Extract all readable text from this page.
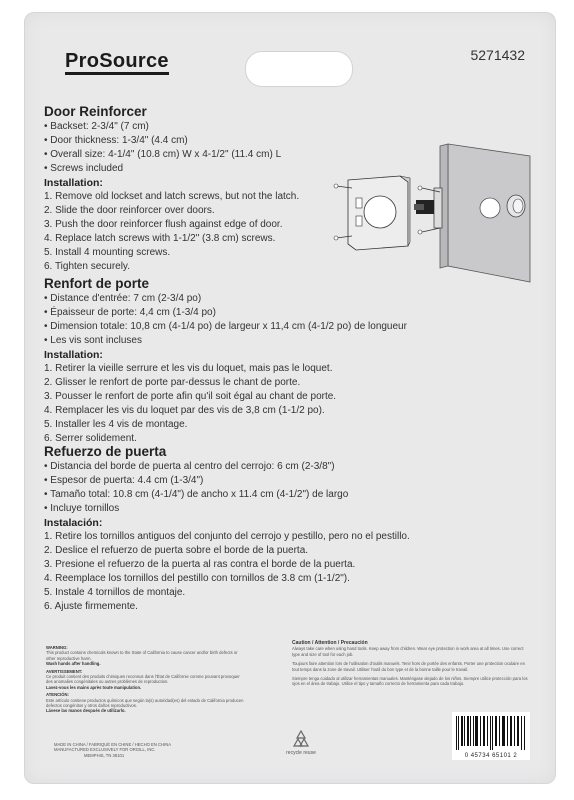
ProSource	5271432
Door Reinforcer
• Backset: 2-3/4" (7 cm)
• Door thickness: 1-3/4" (4.4 cm)
• Overall size: 4-1/4" (10.8 cm) W x 4-1/2" (11.4 cm) L
• Screws included
Installation:
1. Remove old lockset and latch screws, but not the latch.
2. Slide the door reinforcer over doors.
3. Push the door reinforcer flush against edge of door.
4. Replace latch screws with 1-1/2" (3.8 cm) screws.
5. Install 4 mounting screws.
6. Tighten securely.
Renfort de porte
• Distance d'entrée: 7 cm (2-3/4 po)
• Épaisseur de porte: 4,4 cm (1-3/4 po)
• Dimension totale: 10,8 cm (4-1/4 po) de largeur x 11,4 cm (4-1/2 po) de longueur
• Les vis sont incluses
Installation:
1. Retirer la vieille serrure et les vis du loquet, mais pas le loquet.
2. Glisser le renfort de porte par-dessus le chant de porte.
3. Pousser le renfort de porte afin qu'il soit égal au chant de porte.
4. Remplacer les vis du loquet par des vis de 3,8 cm (1-1/2 po).
5. Installer les 4 vis de montage.
6. Serrer solidement.
Refuerzo de puerta
• Distancia del borde de puerta al centro del cerrojo: 6 cm (2-3/8")
• Espesor de puerta: 4.4 cm (1-3/4")
• Tamaño total: 10.8 cm (4-1/4") de ancho x 11.4 cm (4-1/2") de largo
• Incluye tornillos
Instalación:
1. Retire los tornillos antiguos del conjunto del cerrojo y pestillo, pero no el pestillo.
2. Deslice el refuerzo de puerta sobre el borde de la puerta.
3. Presione el refuerzo de la puerta al ras contra el borde de la puerta.
4. Reemplace los tornillos del pestillo con tornillos de 3.8 cm (1-1/2").
5. Instale 4 tornillos de montaje.
6. Ajuste firmemente.
WARNING:
This product contains chemicals known to the State of California to cause cancer and/or birth defects or other reproductive harm.
Wash hands after handling.
AVERTISSEMENT:
Ce produit contient des produits chimiques reconnus dans l'État de Californie comme pouvant provoquer des anomalies congénitales ou autres problèmes de reproduction.
Lavez-vous les mains après toute manipulation.
ATENCIÓN:
Este artículo contiene productos químicos que según la(s) autoridad(es) del estado de California producen defectos congénitos y otros daños reproductivos.
Lávese las manos después de utilizarlo.
Caution / Attention / Precaución
Always take care when using hand tools. Keep away from children. Wear eye protection in work area at all times. Use correct type and size of tool for each job.
Toujours faire attention lors de l'utilisation d'outils manuels. Tenir hors de portée des enfants. Porter une protection oculaire en tout temps dans la zone de travail. Utiliser l'outil du bon type et de la bonne taille pour le travail.
Siempre tenga cuidado al utilizar herramientas manuales. Manténgase alejado de los niños. Siempre utilice protección para los ojos en el área de trabajo. Utilice el tipo y tamaño correcto de herramienta para cada trabajo.
MADE IN CHINA / FABRIQUÉ EN CHINE / HECHO EN CHINA
MANUFACTURED EXCLUSIVELY FOR ORGILL, INC.
MEMPHIS, TN 38101	recycle reuse	0 45734 65101 2
